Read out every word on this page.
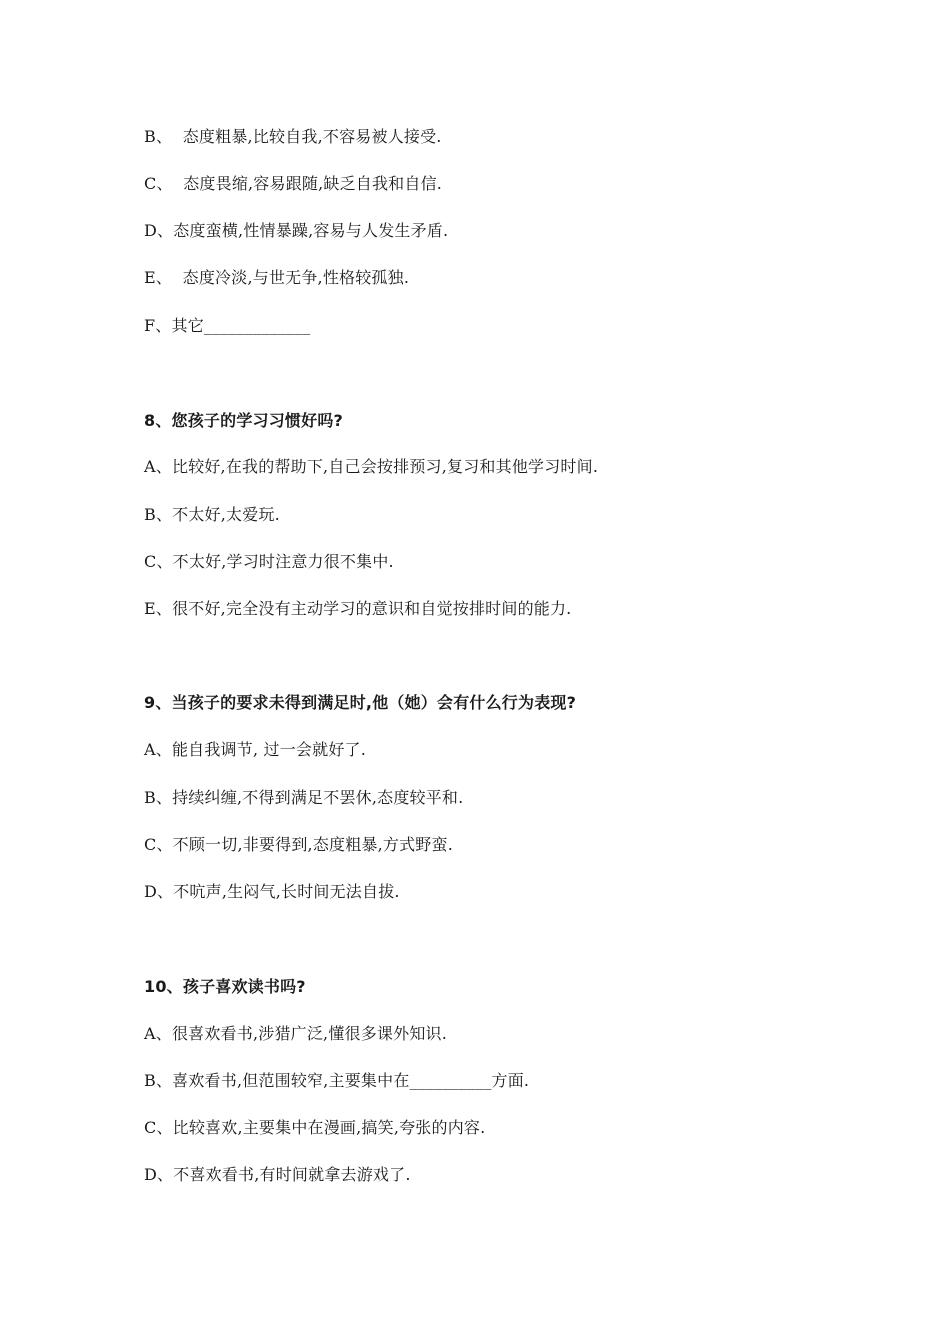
B、  态度粗暴,比较自我,不容易被人接受.
C、  态度畏缩,容易跟随,缺乏自我和自信.
D、态度蛮横,性情暴躁,容易与人发生矛盾.
E、  态度冷淡,与世无争,性格较孤独.
F、其它_____________
8、您孩子的学习习惯好吗?
A、比较好,在我的帮助下,自己会按排预习,复习和其他学习时间.
B、不太好,太爱玩.
C、不太好,学习时注意力很不集中.
E、很不好,完全没有主动学习的意识和自觉按排时间的能力.
9、当孩子的要求未得到满足时,他（她）会有什么行为表现?
A、能自我调节, 过一会就好了.
B、持续纠缠,不得到满足不罢休,态度较平和.
C、不顾一切,非要得到,态度粗暴,方式野蛮.
D、不吭声,生闷气,长时间无法自拔.
10、孩子喜欢读书吗?
A、很喜欢看书,涉猎广泛,懂很多课外知识.
B、喜欢看书,但范围较窄,主要集中在__________方面.
C、比较喜欢,主要集中在漫画,搞笑,夸张的内容.
D、不喜欢看书,有时间就拿去游戏了.
